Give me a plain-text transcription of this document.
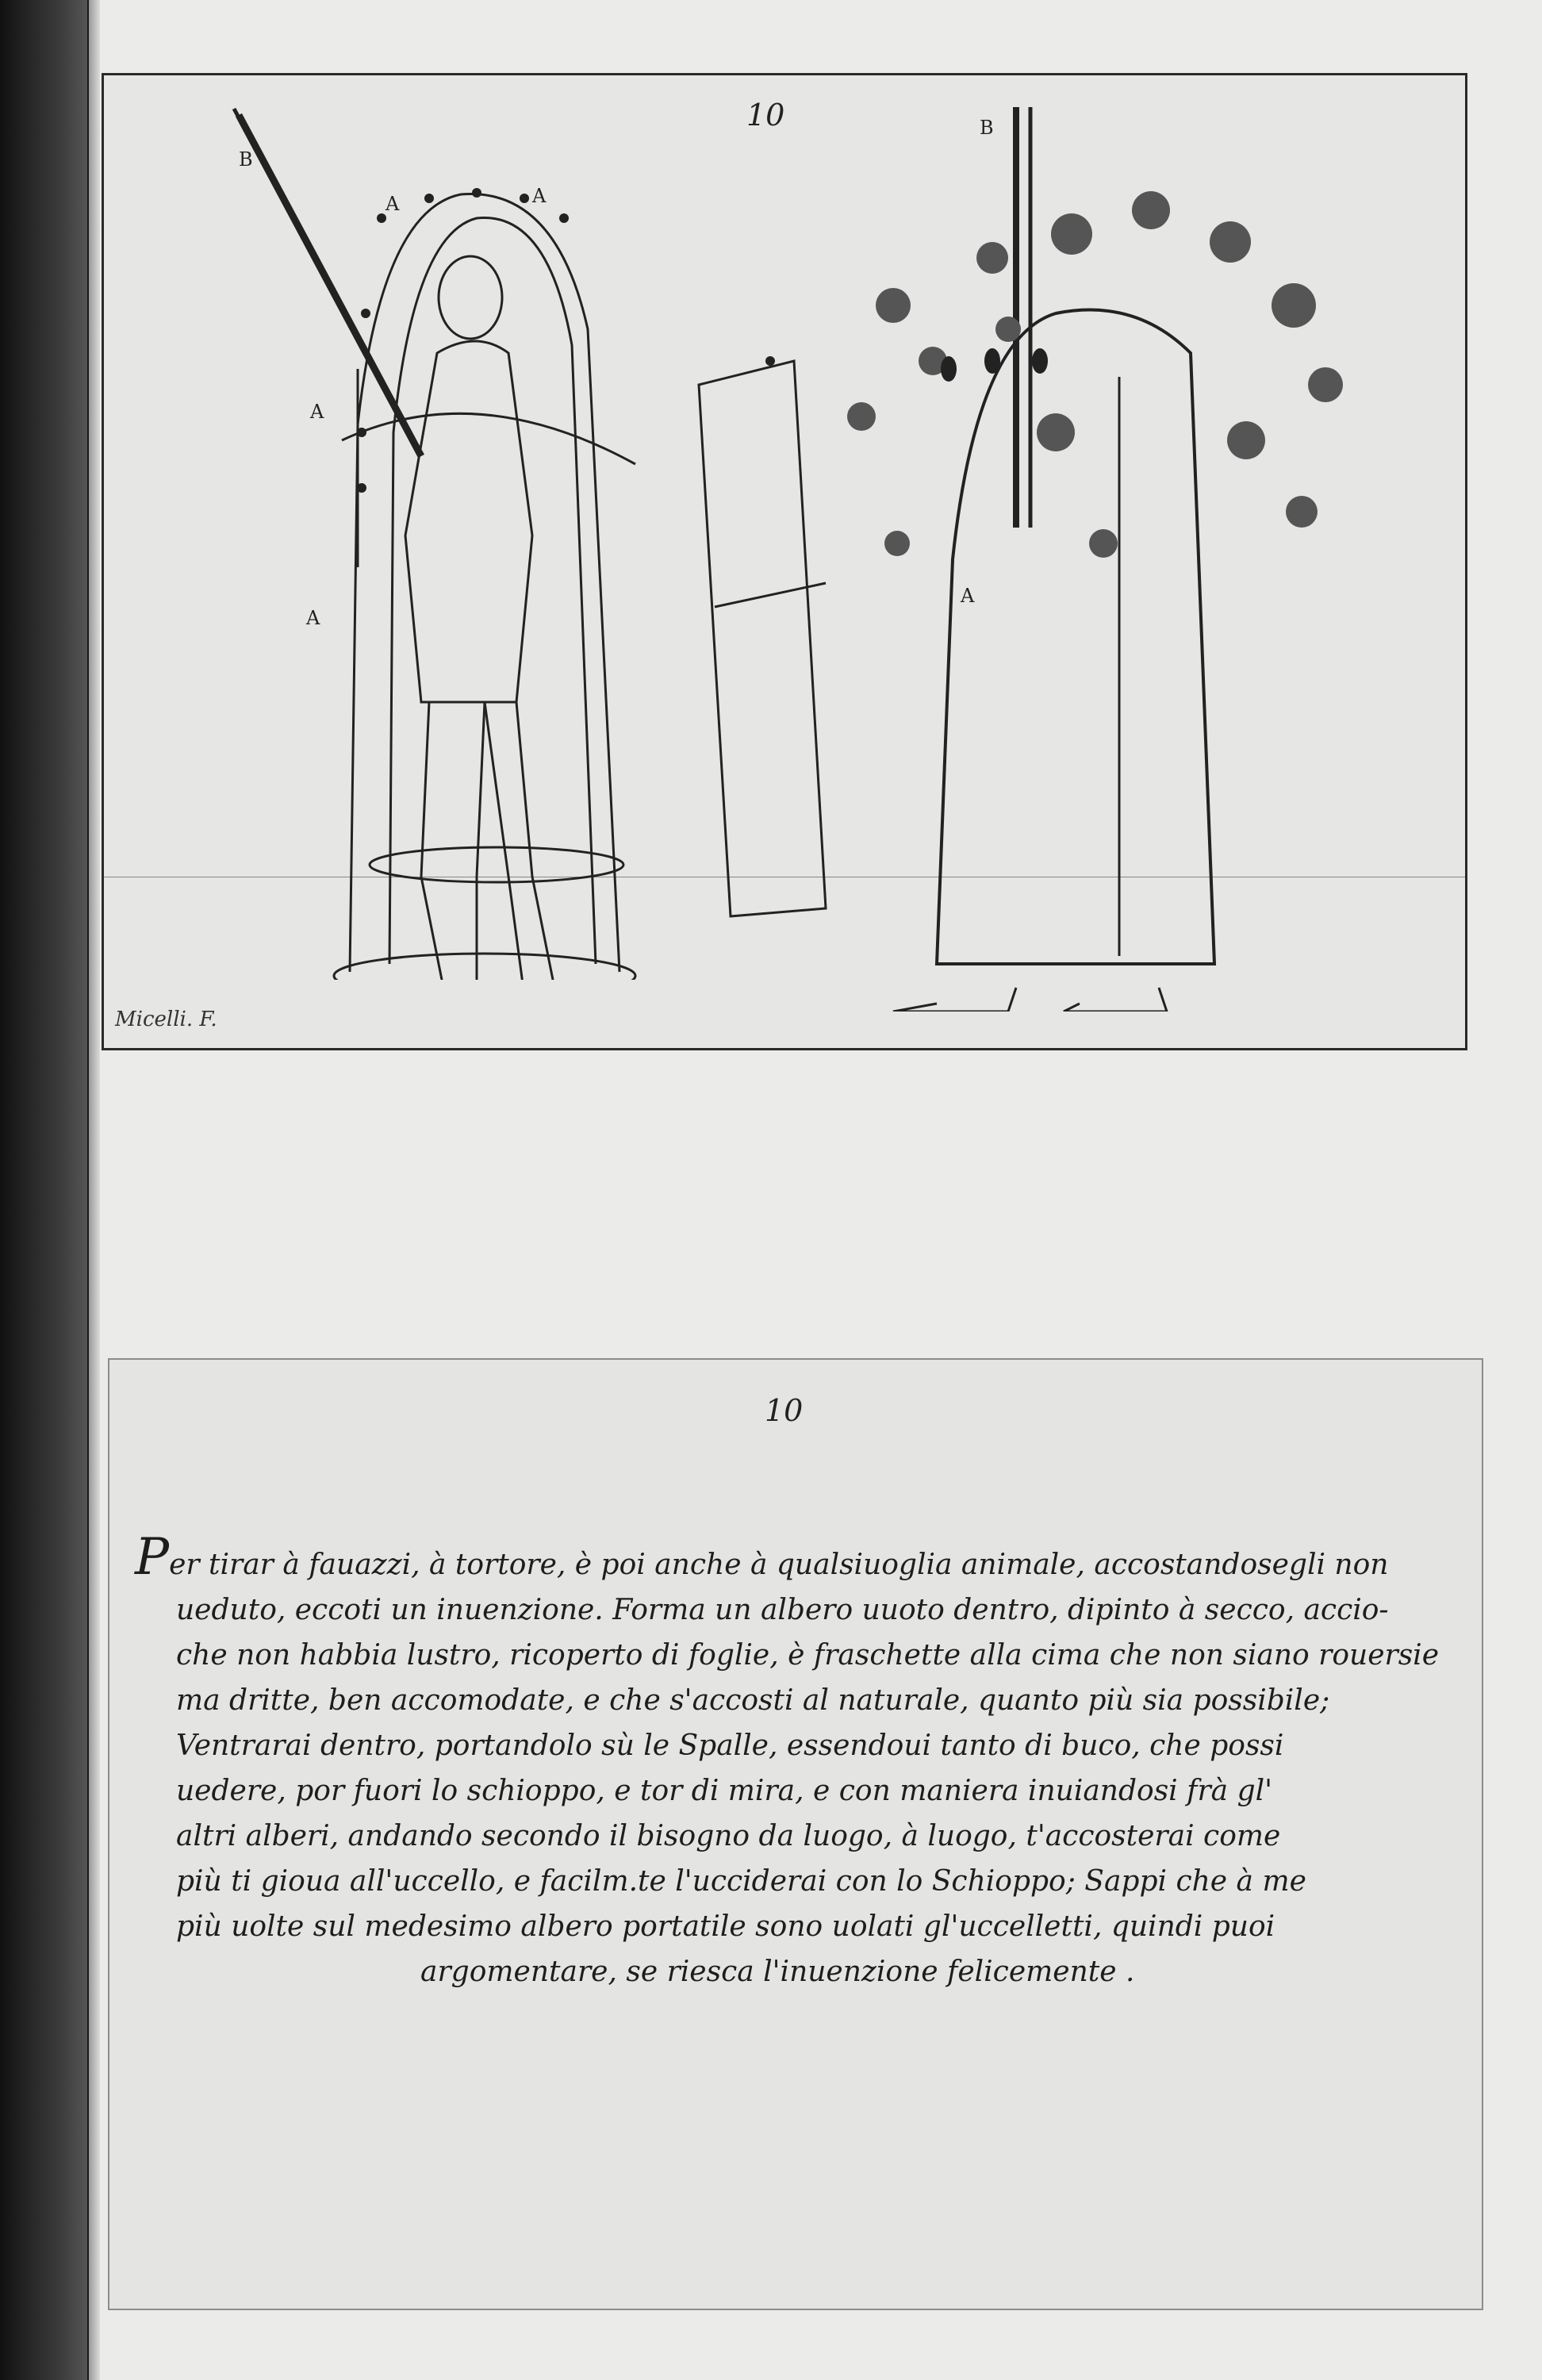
10
B
A	A
A
A
B
A
Micelli. F.
10
Per tirar à fauazzi, à tortore, è poi anche à qualsiuoglia animale, accostandosegli non
ueduto, eccoti un inuenzione. Forma un albero uuoto dentro, dipinto à secco, accio-
che non habbia lustro, ricoperto di foglie, è fraschette alla cima che non siano rouersie
ma dritte, ben accomodate, e che s'accosti al naturale, quanto più sia possibile;
Ventrarai dentro, portandolo sù le Spalle, essendoui tanto di buco, che possi
uedere, por fuori lo schioppo, e tor di mira, e con maniera inuiandosi frà gl'
altri alberi, andando secondo il bisogno da luogo, à luogo, t'accosterai come
più ti gioua all'uccello, e facilm.te l'ucciderai con lo Schioppo; Sappi che à me
più uolte sul medesimo albero portatile sono uolati gl'uccelletti, quindi puoi
argomentare, se riesca l'inuenzione felicemente .
